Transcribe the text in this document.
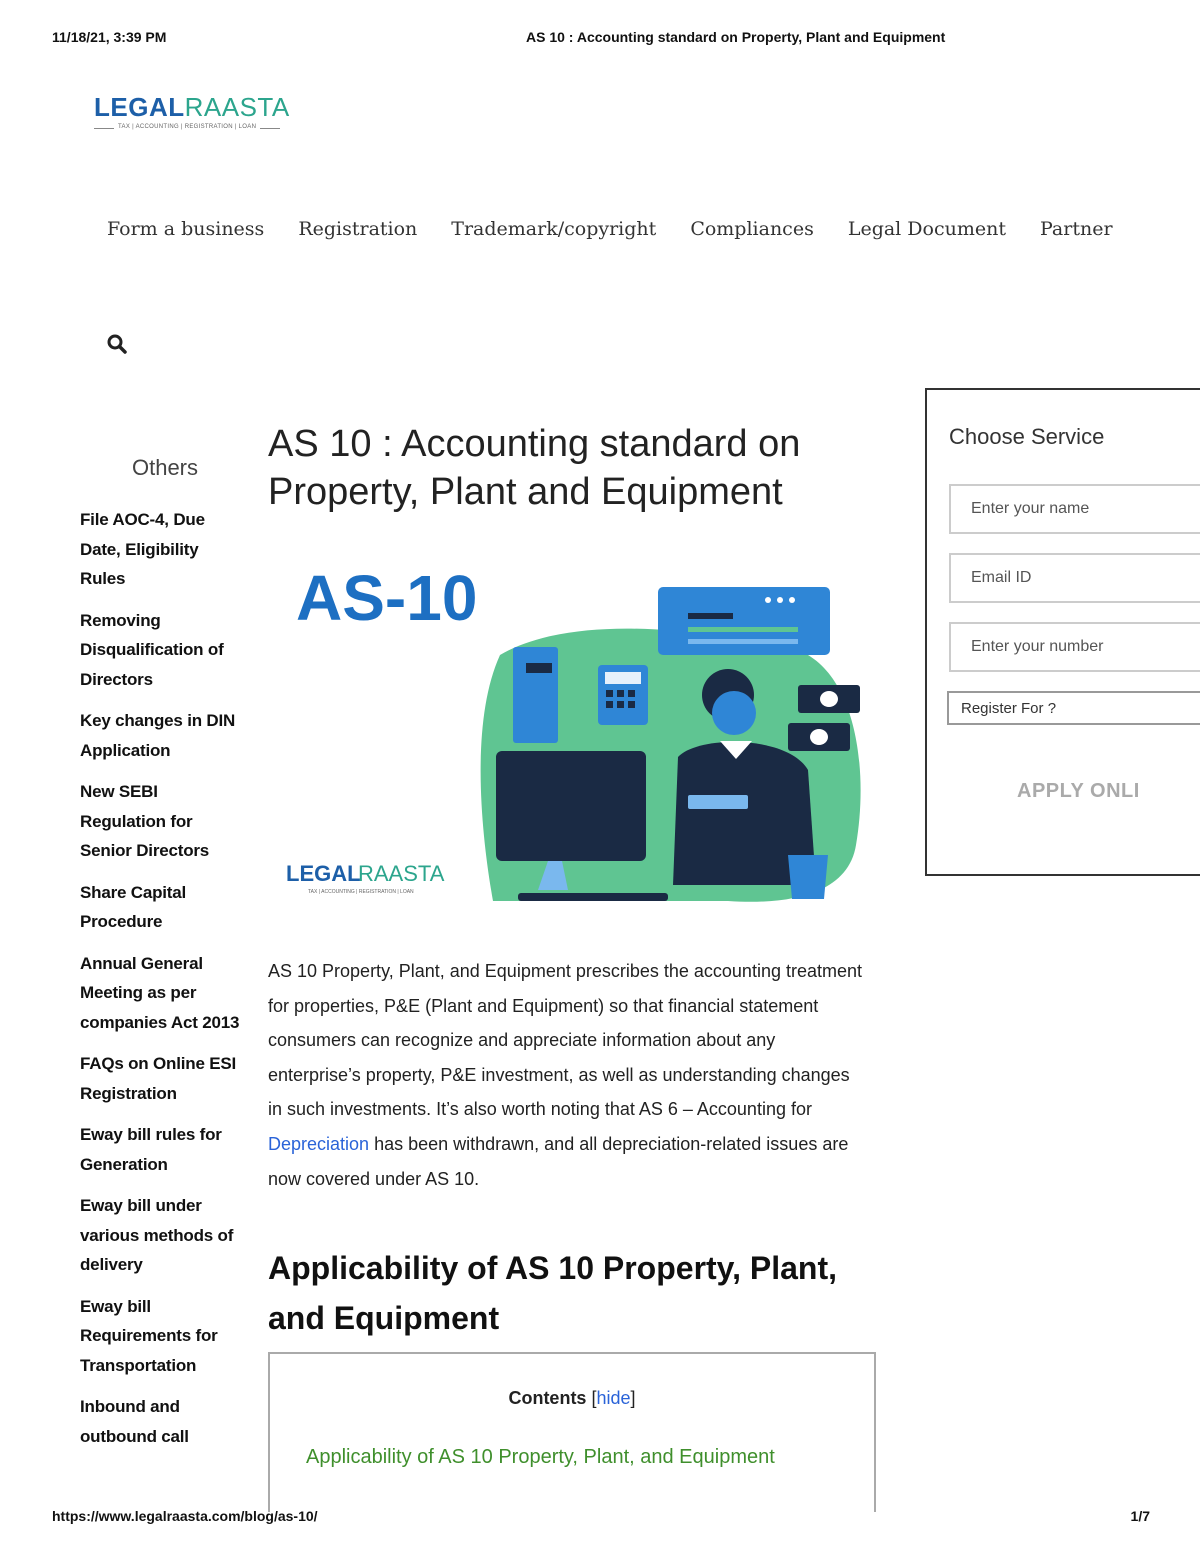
11/18/21, 3:39 PM	AS 10 : Accounting standard on Property, Plant and Equipment
LEGALRAASTA
TAX | ACCOUNTING | REGISTRATION | LOAN
Form a business Registration Trademark/copyright Compliances Legal Document Partner
Others
File AOC-4, Due Date, Eligibility Rules
Removing Disqualification of Directors
Key changes in DIN Application
New SEBI Regulation for Senior Directors
Share Capital Procedure
Annual General Meeting as per companies Act 2013
FAQs on Online ESI Registration
Eway bill rules for Generation
Eway bill under various methods of delivery
Eway bill Requirements for Transportation
Inbound and outbound call
AS 10 : Accounting standard on Property, Plant and Equipment
AS-10
LEGAL
RAASTA
TAX | ACCOUNTING | REGISTRATION | LOAN
AS 10 Property, Plant, and Equipment prescribes the accounting treatment for properties, P&E (Plant and Equipment) so that financial statement consumers can recognize and appreciate information about any enterprise’s property, P&E investment, as well as understanding changes in such investments. It’s also worth noting that AS 6 – Accounting for Depreciation has been withdrawn, and all depreciation-related issues are now covered under AS 10.
Applicability of AS 10 Property, Plant, and Equipment
Contents [hide]
Applicability of AS 10 Property, Plant, and Equipment
Choose Service
Enter your name
Email ID
Enter your number
Register For ?
APPLY ONLI
https://www.legalraasta.com/blog/as-10/	1/7
